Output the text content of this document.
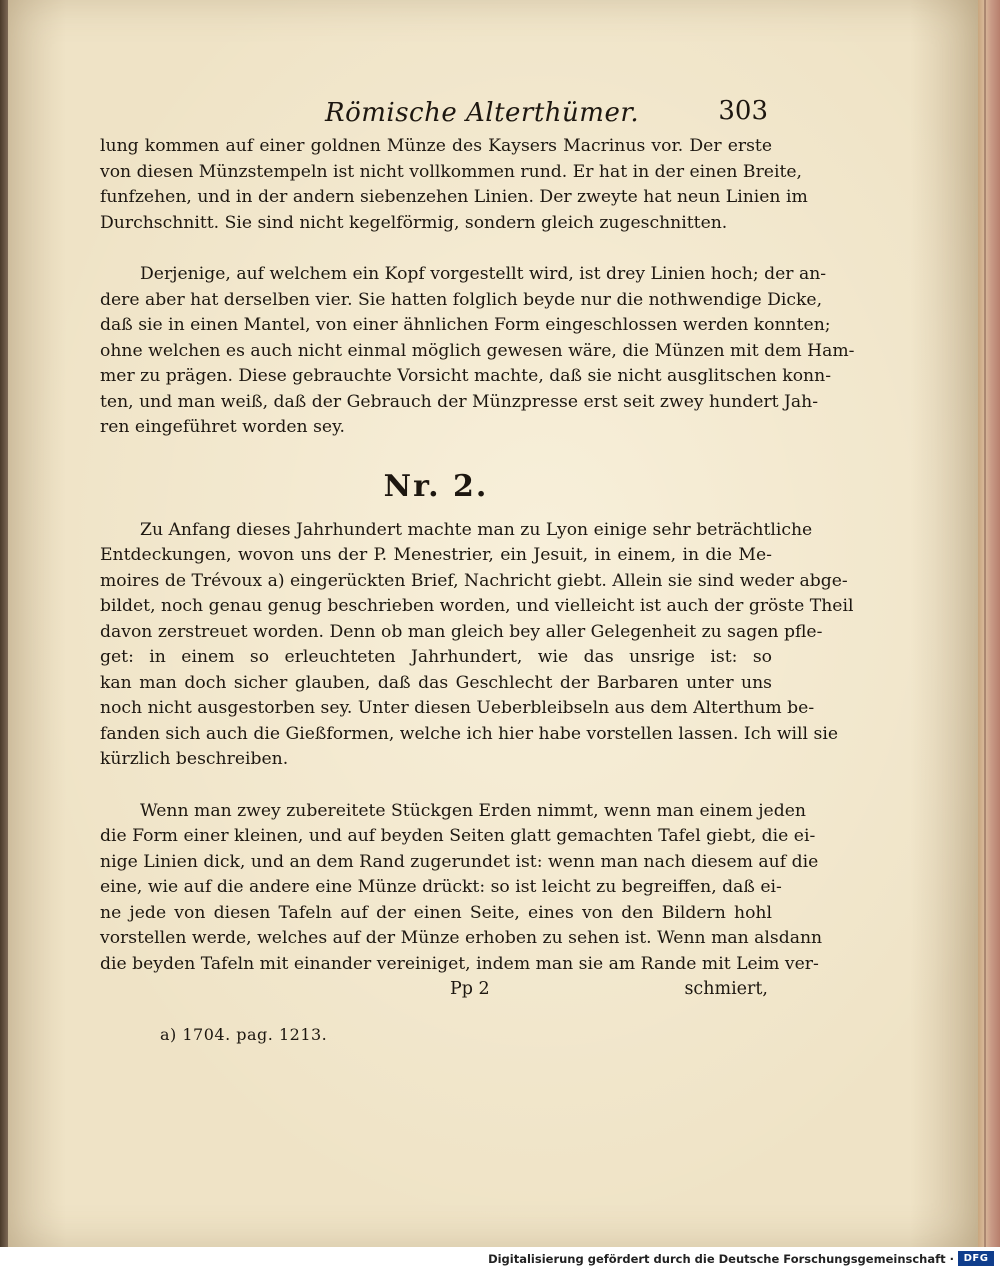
Römische Alterthümer.	303
lung kommen auf einer goldnen Münze des Kaysers Macrinus vor. Der erste
von diesen Münzstempeln ist nicht vollkommen rund. Er hat in der einen Breite,
funfzehen, und in der andern siebenzehen Linien. Der zweyte hat neun Linien im
Durchschnitt. Sie sind nicht kegelförmig, sondern gleich zugeschnitten.
Derjenige, auf welchem ein Kopf vorgestellt wird, ist drey Linien hoch; der an-
dere aber hat derselben vier. Sie hatten folglich beyde nur die nothwendige Dicke,
daß sie in einen Mantel, von einer ähnlichen Form eingeschlossen werden konnten;
ohne welchen es auch nicht einmal möglich gewesen wäre, die Münzen mit dem Ham-
mer zu prägen. Diese gebrauchte Vorsicht machte, daß sie nicht ausglitschen konn-
ten, und man weiß, daß der Gebrauch der Münzpresse erst seit zwey hundert Jah-
ren eingeführet worden sey.
Nr. 2.
Zu Anfang dieses Jahrhundert machte man zu Lyon einige sehr beträchtliche
Entdeckungen, wovon uns der P. Menestrier, ein Jesuit, in einem, in die Me-
moires de Trévoux a) eingerückten Brief, Nachricht giebt. Allein sie sind weder abge-
bildet, noch genau genug beschrieben worden, und vielleicht ist auch der gröste Theil
davon zerstreuet worden. Denn ob man gleich bey aller Gelegenheit zu sagen pfle-
get: in einem so erleuchteten Jahrhundert, wie das unsrige ist: so
kan man doch sicher glauben, daß das Geschlecht der Barbaren unter uns
noch nicht ausgestorben sey. Unter diesen Ueberbleibseln aus dem Alterthum be-
fanden sich auch die Gießformen, welche ich hier habe vorstellen lassen. Ich will sie
kürzlich beschreiben.
Wenn man zwey zubereitete Stückgen Erden nimmt, wenn man einem jeden
die Form einer kleinen, und auf beyden Seiten glatt gemachten Tafel giebt, die ei-
nige Linien dick, und an dem Rand zugerundet ist: wenn man nach diesem auf die
eine, wie auf die andere eine Münze drückt: so ist leicht zu begreiffen, daß ei-
ne jede von diesen Tafeln auf der einen Seite, eines von den Bildern hohl
vorstellen werde, welches auf der Münze erhoben zu sehen ist. Wenn man alsdann
die beyden Tafeln mit einander vereiniget, indem man sie am Rande mit Leim ver-
Pp 2	schmiert,
a) 1704. pag. 1213.
Digitalisierung gefördert durch die Deutsche Forschungsgemeinschaft · DFG
